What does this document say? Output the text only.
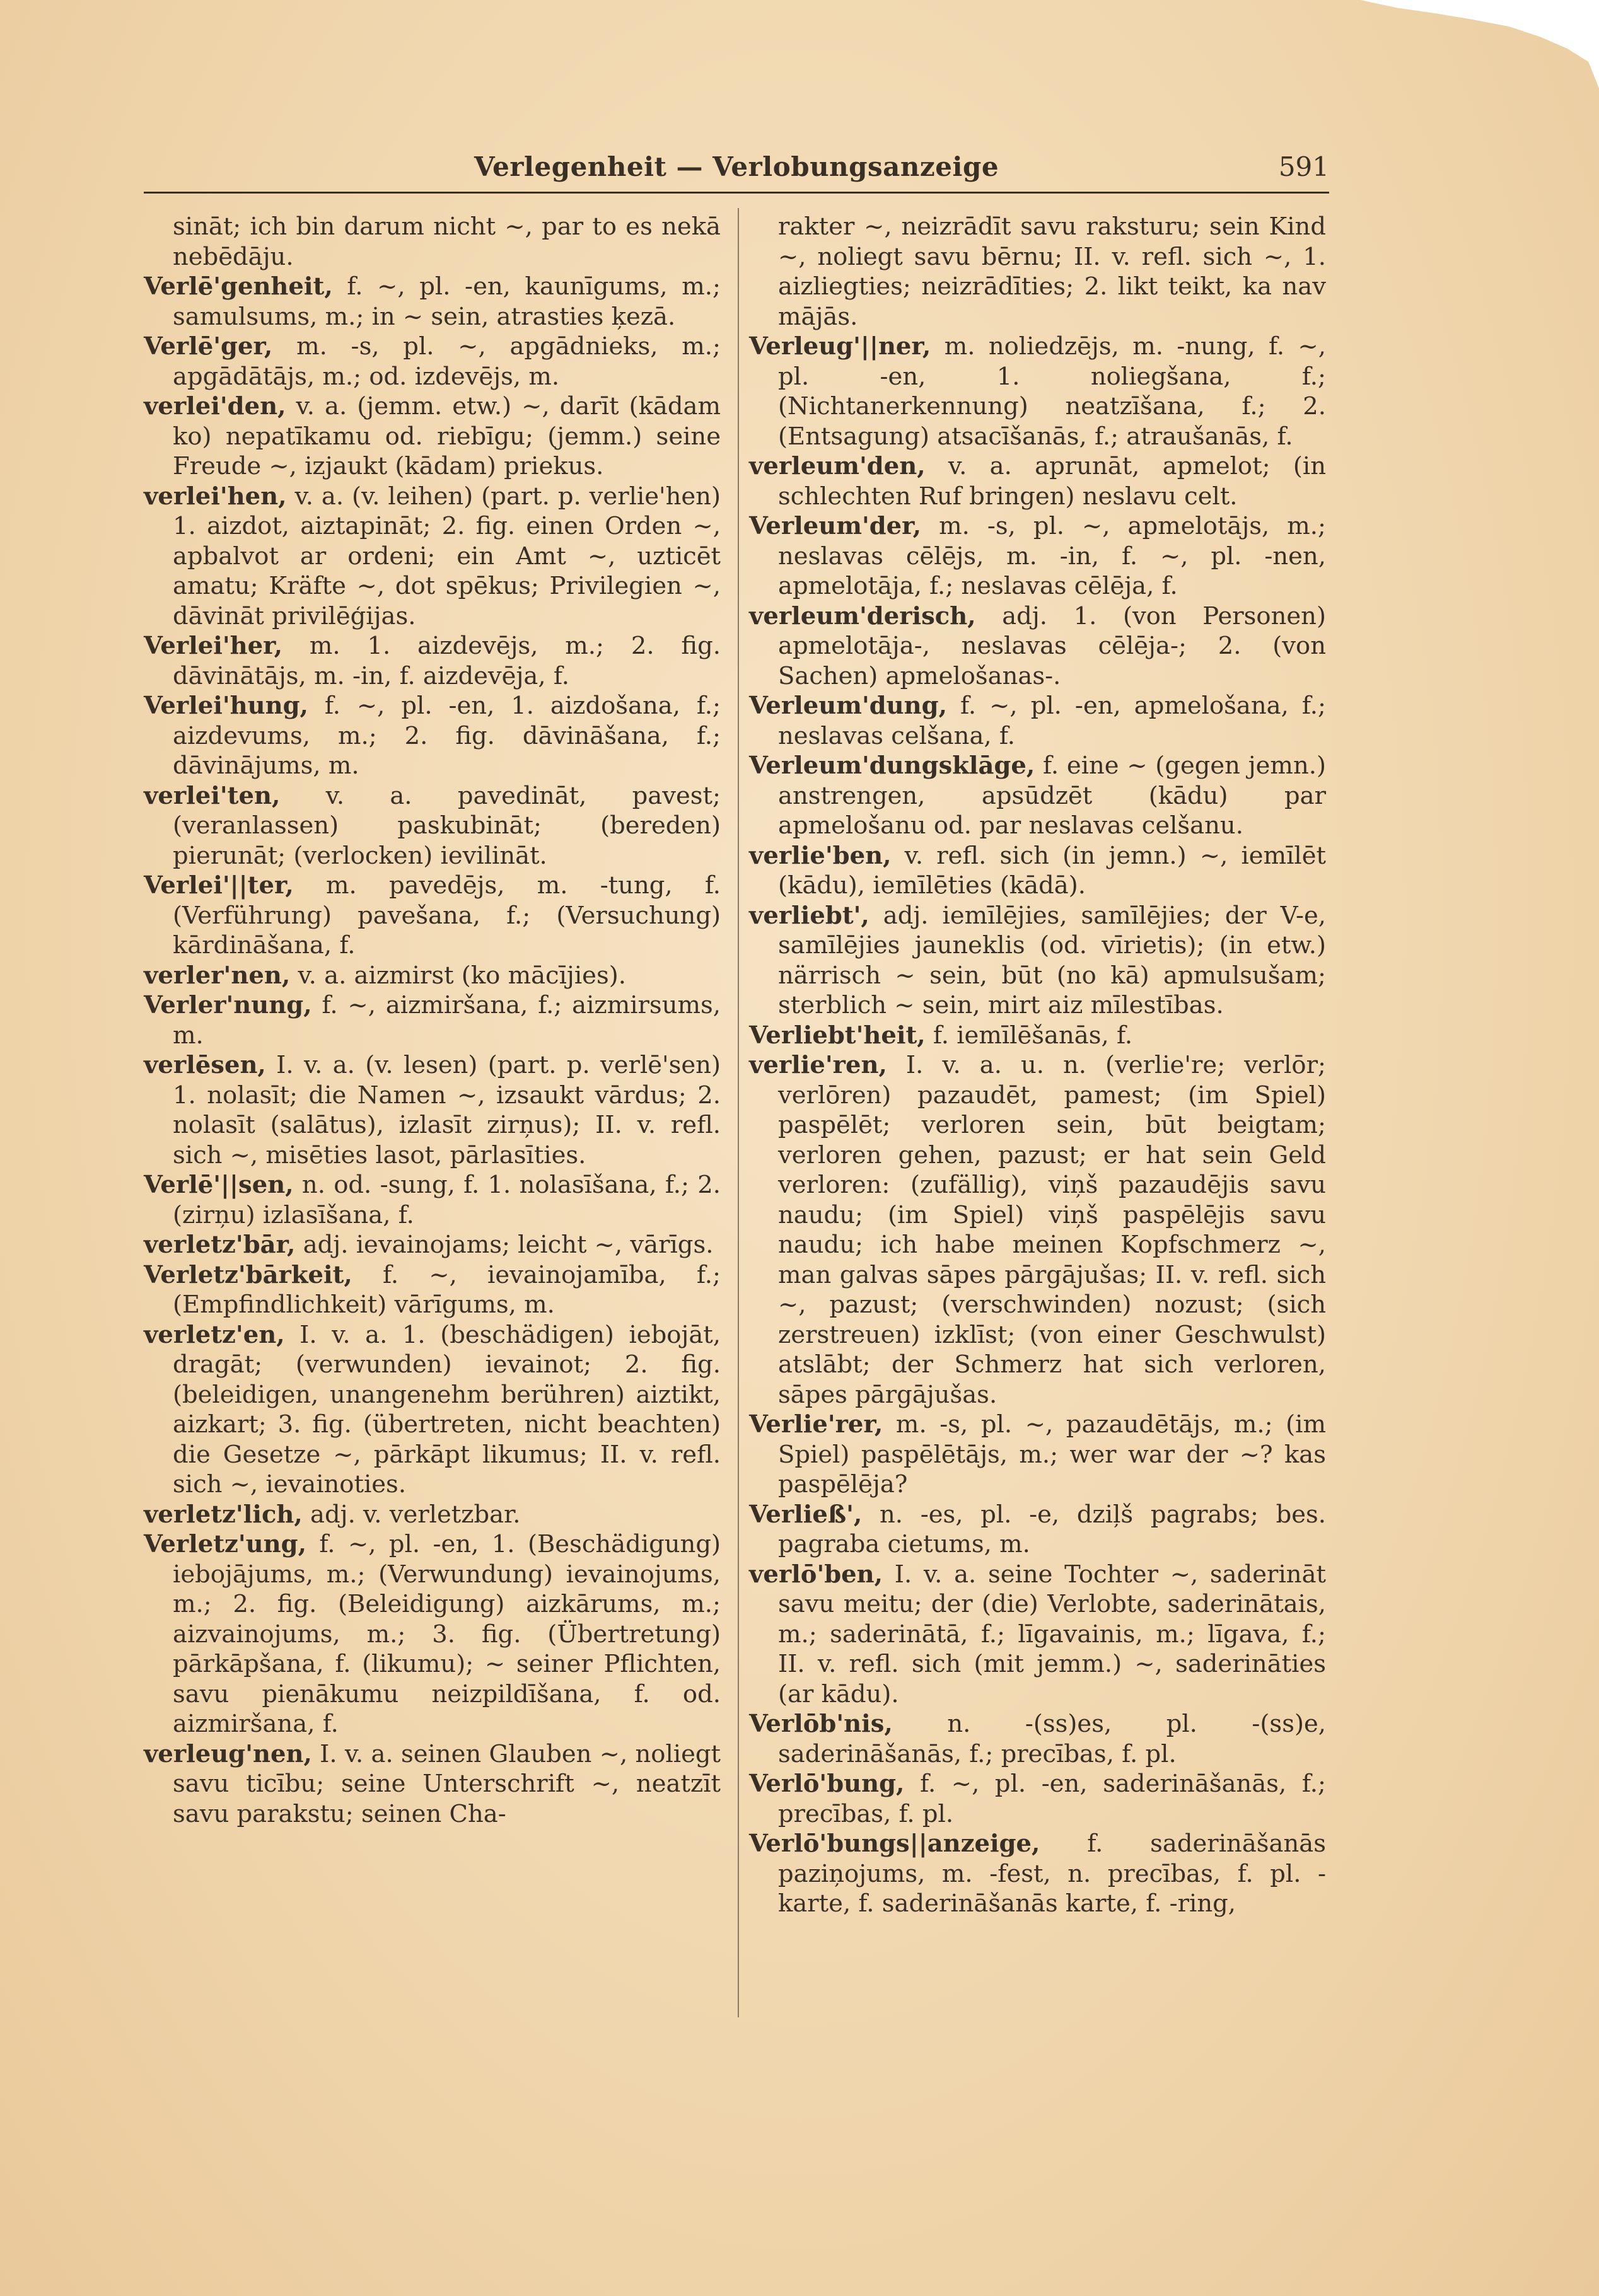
Verlegenheit — Verlobungsanzeige	591

sināt; ich bin darum nicht ~, par to es nekā nebēdāju.

Verlē'genheit, f. ~, pl. -en, kaunīgums, m.; samulsums, m.; in ~ sein, atrasties ķezā.

Verlē'ger, m. -s, pl. ~, apgādnieks, m.; apgādātājs, m.; od. izdevējs, m.

verlei'den, v. a. (jemm. etw.) ~, darīt (kādam ko) nepatīkamu od. riebīgu; (jemm.) seine Freude ~, izjaukt (kādam) priekus.

verlei'hen, v. a. (v. leihen) (part. p. verlie'hen) 1. aizdot, aiztapināt; 2. fig. einen Orden ~, apbalvot ar ordeni; ein Amt ~, uzticēt amatu; Kräfte ~, dot spēkus; Privilegien ~, dāvināt privilēģijas.

Verlei'her, m. 1. aizdevējs, m.; 2. fig. dāvinātājs, m. -in, f. aizdevēja, f.

Verlei'hung, f. ~, pl. -en, 1. aizdošana, f.; aizdevums, m.; 2. fig. dāvināšana, f.; dāvinājums, m.

verlei'ten, v. a. pavedināt, pavest; (veranlassen) paskubināt; (bereden) pierunāt; (verlocken) ievilināt.

Verlei'||ter, m. pavedējs, m. -tung, f. (Verführung) pavešana, f.; (Versuchung) kārdināšana, f.

verler'nen, v. a. aizmirst (ko mācījies).

Verler'nung, f. ~, aizmiršana, f.; aizmirsums, m.

verlēsen, I. v. a. (v. lesen) (part. p. verlē'sen) 1. nolasīt; die Namen ~, izsaukt vārdus; 2. nolasīt (salātus), izlasīt zirņus); II. v. refl. sich ~, misēties lasot, pārlasīties.

Verlē'||sen, n. od. -sung, f. 1. nolasīšana, f.; 2. (zirņu) izlasīšana, f.

verletz'bār, adj. ievainojams; leicht ~, vārīgs.

Verletz'bārkeit, f. ~, ievainojamība, f.; (Empfindlichkeit) vārīgums, m.

verletz'en, I. v. a. 1. (beschädigen) iebojāt, dragāt; (verwunden) ievainot; 2. fig. (beleidigen, unangenehm berühren) aiztikt, aizkart; 3. fig. (übertreten, nicht beachten) die Gesetze ~, pārkāpt likumus; II. v. refl. sich ~, ievainoties.

verletz'lich, adj. v. verletzbar.

Verletz'ung, f. ~, pl. -en, 1. (Beschädigung) iebojājums, m.; (Verwundung) ievainojums, m.; 2. fig. (Beleidigung) aizkārums, m.; aizvainojums, m.; 3. fig. (Übertretung) pārkāpšana, f. (likumu); ~ seiner Pflichten, savu pienākumu neizpildīšana, f. od. aizmiršana, f.

verleug'nen, I. v. a. seinen Glauben ~, noliegt savu ticību; seine Unterschrift ~, neatzīt savu parakstu; seinen Cha-

rakter ~, neizrādīt savu raksturu; sein Kind ~, noliegt savu bērnu; II. v. refl. sich ~, 1. aizliegties; neizrādīties; 2. likt teikt, ka nav mājās.

Verleug'||ner, m. noliedzējs, m. -nung, f. ~, pl. -en, 1. noliegšana, f.; (Nichtanerkennung) neatzīšana, f.; 2. (Entsagung) atsacīšanās, f.; atraušanās, f.

verleum'den, v. a. aprunāt, apmelot; (in schlechten Ruf bringen) neslavu celt.

Verleum'der, m. -s, pl. ~, apmelotājs, m.; neslavas cēlējs, m. -in, f. ~, pl. -nen, apmelotāja, f.; neslavas cēlēja, f.

verleum'derisch, adj. 1. (von Personen) apmelotāja-, neslavas cēlēja-; 2. (von Sachen) apmelošanas-.

Verleum'dung, f. ~, pl. -en, apmelošana, f.; neslavas celšana, f.

Verleum'dungsklāge, f. eine ~ (gegen jemn.) anstrengen, apsūdzēt (kādu) par apmelošanu od. par neslavas celšanu.

verlie'ben, v. refl. sich (in jemn.) ~, iemīlēt (kādu), iemīlēties (kādā).

verliebt', adj. iemīlējies, samīlējies; der V-e, samīlējies jauneklis (od. vīrietis); (in etw.) närrisch ~ sein, būt (no kā) apmulsušam; sterblich ~ sein, mirt aiz mīlestības.

Verliebt'heit, f. iemīlēšanās, f.

verlie'ren, I. v. a. u. n. (verlie're; verlōr; verlōren) pazaudēt, pamest; (im Spiel) paspēlēt; verloren sein, būt beigtam; verloren gehen, pazust; er hat sein Geld verloren: (zufällig), viņš pazaudējis savu naudu; (im Spiel) viņš paspēlējis savu naudu; ich habe meinen Kopfschmerz ~, man galvas sāpes pārgājušas; II. v. refl. sich ~, pazust; (verschwinden) nozust; (sich zerstreuen) izklīst; (von einer Geschwulst) atslābt; der Schmerz hat sich verloren, sāpes pārgājušas.

Verlie'rer, m. -s, pl. ~, pazaudētājs, m.; (im Spiel) paspēlētājs, m.; wer war der ~? kas paspēlēja?

Verließ', n. -es, pl. -e, dziļš pagrabs; bes. pagraba cietums, m.

verlō'ben, I. v. a. seine Tochter ~, saderināt savu meitu; der (die) Verlobte, saderinātais, m.; saderinātā, f.; līgavainis, m.; līgava, f.; II. v. refl. sich (mit jemm.) ~, saderināties (ar kādu).

Verlōb'nis, n. -(ss)es, pl. -(ss)e, saderināšanās, f.; precības, f. pl.

Verlō'bung, f. ~, pl. -en, saderināšanās, f.; precības, f. pl.

Verlō'bungs||anzeige, f. saderināšanās paziņojums, m. -fest, n. precības, f. pl. -karte, f. saderināšanās karte, f. -ring,
